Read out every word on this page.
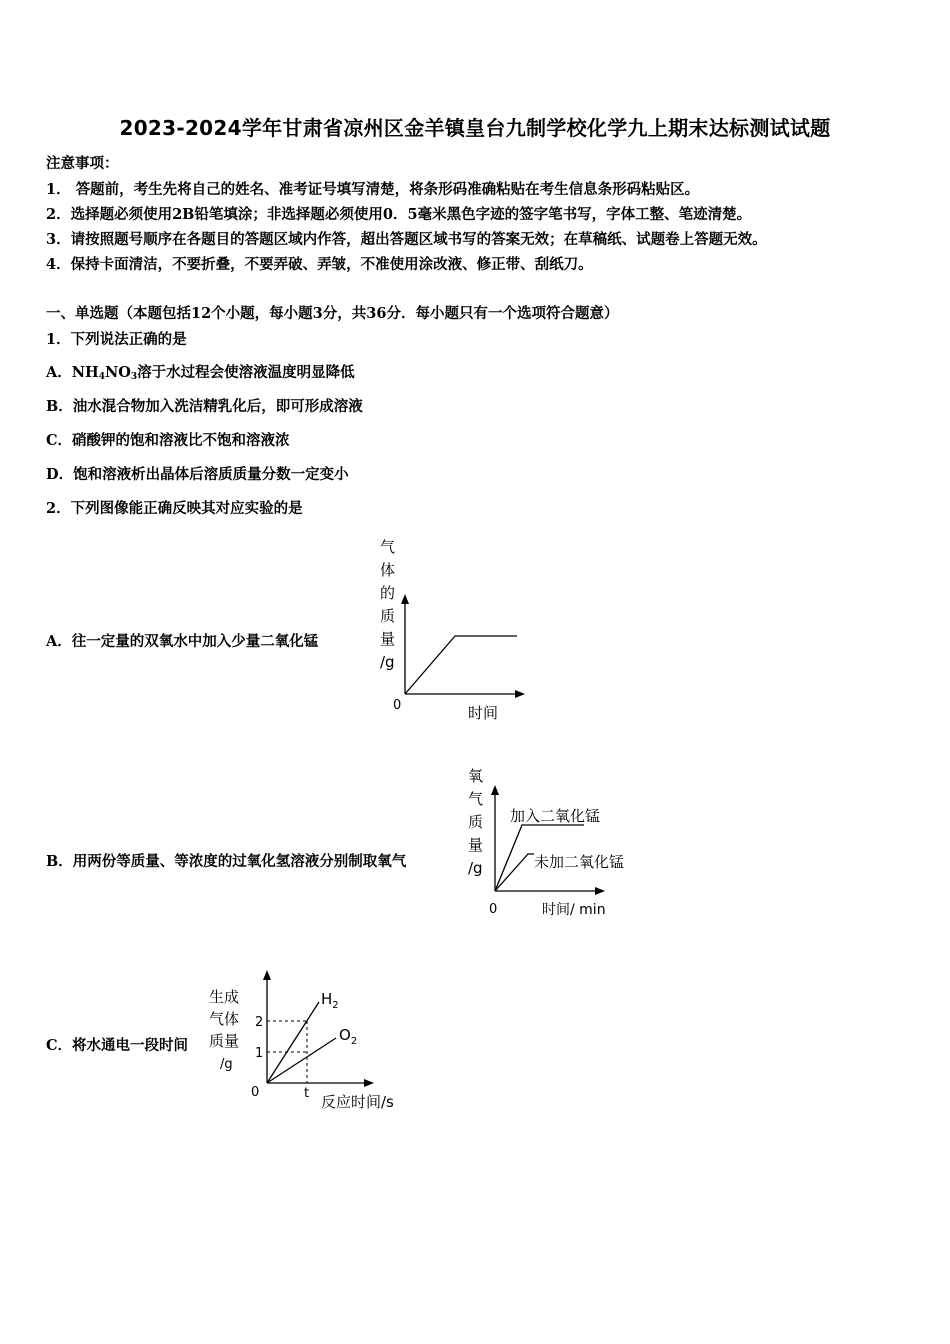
2023-2024学年甘肃省凉州区金羊镇皇台九制学校化学九上期末达标测试试题
注意事项：
1． 答题前，考生先将自己的姓名、准考证号填写清楚，将条形码准确粘贴在考生信息条形码粘贴区。
2．选择题必须使用2B铅笔填涂；非选择题必须使用0．5毫米黑色字迹的签字笔书写，字体工整、笔迹清楚。
3．请按照题号顺序在各题目的答题区域内作答，超出答题区域书写的答案无效；在草稿纸、试题卷上答题无效。
4．保持卡面清洁，不要折叠，不要弄破、弄皱，不准使用涂改液、修正带、刮纸刀。
一、单选题（本题包括12个小题，每小题3分，共36分．每小题只有一个选项符合题意）
1．下列说法正确的是
A．$NH_4NO_3$溶于水过程会使溶液温度明显降低
B．油水混合物加入洗洁精乳化后，即可形成溶液
C．硝酸钾的饱和溶液比不饱和溶液浓
D．饱和溶液析出晶体后溶质质量分数一定变小
2．下列图像能正确反映其对应实验的是
A．往一定量的双氧水中加入少量二氧化锰
气
体
的
质
量
/g
0	时间
B．用两份等质量、等浓度的过氧化氢溶液分别制取氧气
氧
气
质
量
/g
加入二氧化锰
未加二氧化锰
0	时间/ min
C．将水通电一段时间
生成
气体
质量
/g
$H_2$
$O_2$
2
1
0	t 反应时间/s
